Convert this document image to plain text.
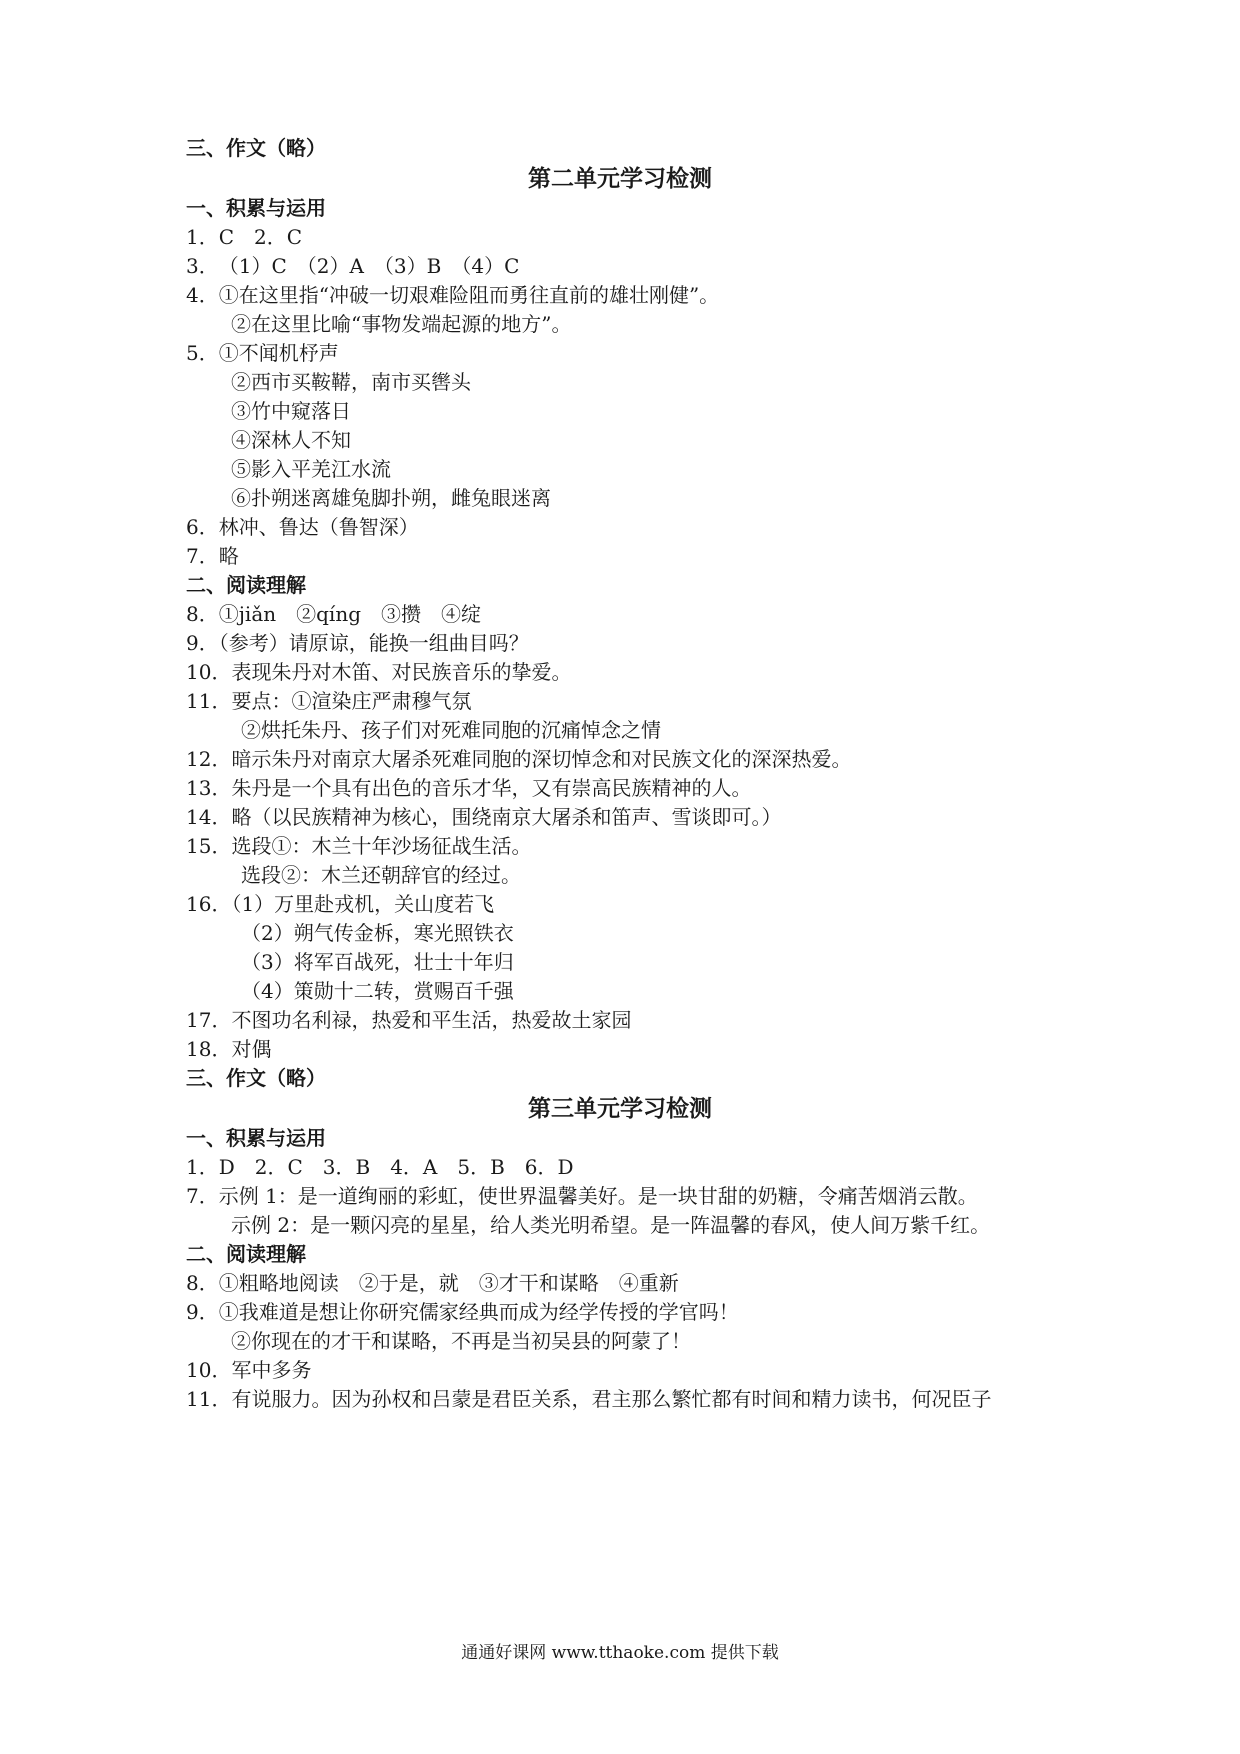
三、作文（略）
第二单元学习检测
一、积累与运用
1．C　2．C
3．　（1）C　（2）A　（3）B　（4）C
4．①在这里指“冲破一切艰难险阻而勇往直前的雄壮刚健”。
②在这里比喻“事物发端起源的地方”。
5．①不闻机杼声
②西市买鞍鞯，南市买辔头
③竹中窥落日
④深林人不知
⑤影入平羌江水流
⑥扑朔迷离雄兔脚扑朔，雌兔眼迷离
6．林冲、鲁达（鲁智深）
7．略
二、阅读理解
8．①jiǎn　②qíng　③攒　④绽
9．（参考）请原谅，能换一组曲目吗？
10．表现朱丹对木笛、对民族音乐的挚爱。
11．要点：①渲染庄严肃穆气氛
②烘托朱丹、孩子们对死难同胞的沉痛悼念之情
12．暗示朱丹对南京大屠杀死难同胞的深切悼念和对民族文化的深深热爱。
13．朱丹是一个具有出色的音乐才华，又有崇高民族精神的人。
14．略（以民族精神为核心，围绕南京大屠杀和笛声、雪谈即可。）
15．选段①：木兰十年沙场征战生活。
选段②：木兰还朝辞官的经过。
16．（1）万里赴戎机，关山度若飞
（2）朔气传金柝，寒光照铁衣
（3）将军百战死，壮士十年归
（4）策勋十二转，赏赐百千强
17．不图功名利禄，热爱和平生活，热爱故土家园
18．对偶
三、作文（略）
第三单元学习检测
一、积累与运用
1．D　2．C　3．B　4．A　5．B　6．D
7．示例 1：是一道绚丽的彩虹，使世界温馨美好。是一块甘甜的奶糖，令痛苦烟消云散。
示例 2：是一颗闪亮的星星，给人类光明希望。是一阵温馨的春风，使人间万紫千红。
二、阅读理解
8．①粗略地阅读　②于是，就　③才干和谋略　④重新
9．①我难道是想让你研究儒家经典而成为经学传授的学官吗！
②你现在的才干和谋略，不再是当初吴县的阿蒙了！
10．军中多务
11．有说服力。因为孙权和吕蒙是君臣关系，君主那么繁忙都有时间和精力读书，何况臣子
通通好课网 www.tthaoke.com 提供下载
